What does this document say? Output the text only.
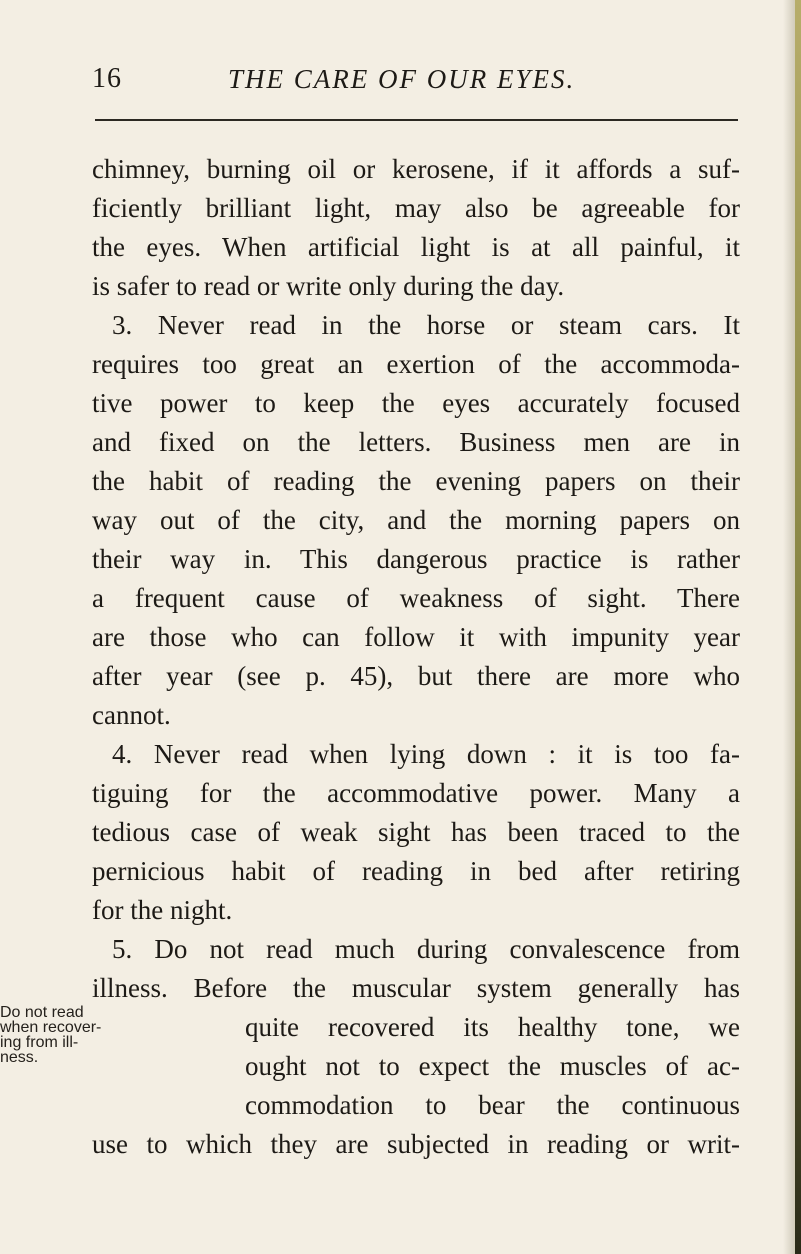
16	THE CARE OF OUR EYES.
chimney, burning oil or kerosene, if it affords a suf-
ficiently brilliant light, may also be agreeable for
the eyes. When artificial light is at all painful, it
is safer to read or write only during the day.
3. Never read in the horse or steam cars. It
requires too great an exertion of the accommoda-
tive power to keep the eyes accurately focused
and fixed on the letters. Business men are in
the habit of reading the evening papers on their
way out of the city, and the morning papers on
their way in. This dangerous practice is rather
a frequent cause of weakness of sight. There
are those who can follow it with impunity year
after year (see p. 45), but there are more who
cannot.
4. Never read when lying down : it is too fa-
tiguing for the accommodative power. Many a
tedious case of weak sight has been traced to the
pernicious habit of reading in bed after retiring
for the night.
5. Do not read much during convalescence from
illness. Before the muscular system generally has
quite recovered its healthy tone, we
ought not to expect the muscles of ac-
commodation to bear the continuous
use to which they are subjected in reading or writ-
Do not read
when recover-
ing from ill-
ness.
